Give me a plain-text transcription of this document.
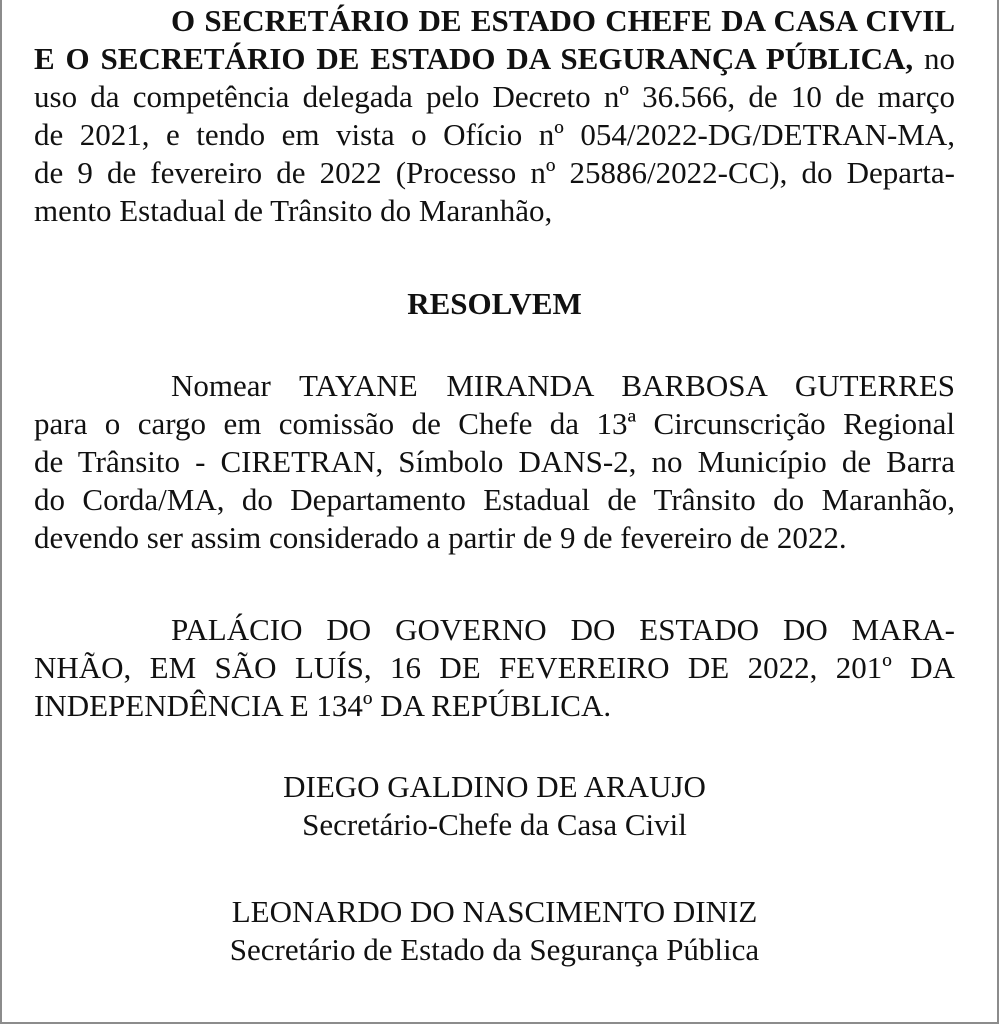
O SECRETÁRIO DE ESTADO CHEFE DA CASA CIVIL
E O SECRETÁRIO DE ESTADO DA SEGURANÇA PÚBLICA, no
uso da competência delegada pelo Decreto nº 36.566, de 10 de março
de 2021, e tendo em vista o Ofício nº 054/2022-DG/DETRAN-MA,
de 9 de fevereiro de 2022 (Processo nº 25886/2022-CC), do Departa-
mento Estadual de Trânsito do Maranhão,
RESOLVEM
Nomear TAYANE MIRANDA BARBOSA GUTERRES
para o cargo em comissão de Chefe da 13ª Circunscrição Regional
de Trânsito - CIRETRAN, Símbolo DANS-2, no Município de Barra
do Corda/MA, do Departamento Estadual de Trânsito do Maranhão,
devendo ser assim considerado a partir de 9 de fevereiro de 2022.
PALÁCIO DO GOVERNO DO ESTADO DO MARA-
NHÃO, EM SÃO LUÍS, 16 DE FEVEREIRO DE 2022, 201º DA
INDEPENDÊNCIA E 134º DA REPÚBLICA.
DIEGO GALDINO DE ARAUJO
Secretário-Chefe da Casa Civil
LEONARDO DO NASCIMENTO DINIZ
Secretário de Estado da Segurança Pública
